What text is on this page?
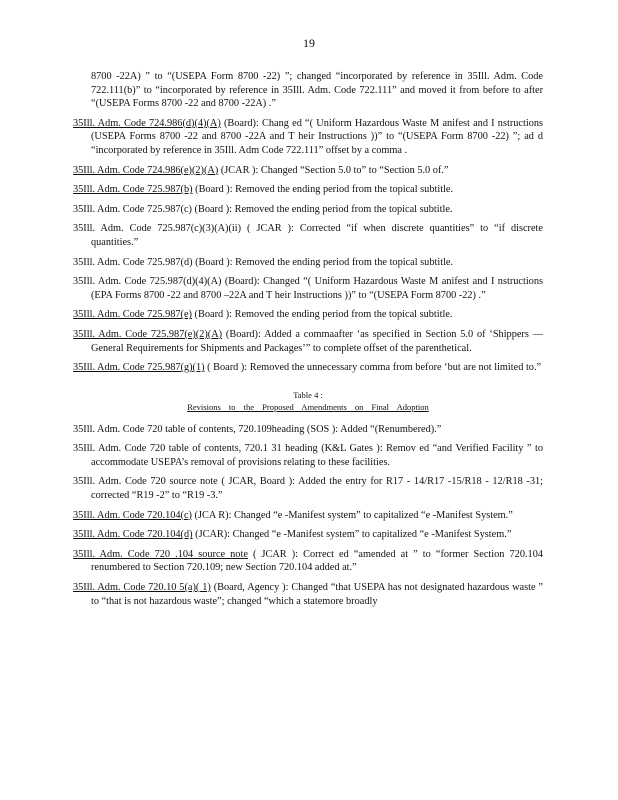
19

8700 -22A) ” to “(USEPA Form 8700 -22) ”; changed “incorporated by reference in 35Ill. Adm. Code 722.111(b)” to “incorporated by reference in 35Ill. Adm. Code 722.111” and moved it from before to after “(USEPA Forms 8700 -22 and 8700 -22A) .”

35Ill. Adm. Code 724.986(d)(4)(A) (Board): Chang ed “( Uniform Hazardous Waste M anifest and I nstructions (USEPA Forms 8700 -22 and 8700 -22A and T heir Instructions ))” to “(USEPA Form 8700 -22) ”; ad d “incorporated by reference in 35Ill. Adm Code 722.111” offset by a comma .

35Ill. Adm. Code 724.986(e)(2)(A) (JCAR ): Changed “Section 5.0 to” to “Section 5.0 of.”

35Ill. Adm. Code 725.987(b) (Board ): Removed the ending period from the topical subtitle.

35Ill. Adm. Code 725.987(c) (Board ): Removed the ending period from the topical subtitle.

35Ill. Adm. Code 725.987(c)(3)(A)(ii) ( JCAR ): Corrected “if when discrete quantities” to “if discrete quantities.”

35Ill. Adm. Code 725.987(d) (Board ): Removed the ending period from the topical subtitle.

35Ill. Adm. Code 725.987(d)(4)(A) (Board): Changed “( Uniform Hazardous Waste M anifest and I nstructions (EPA Forms 8700 -22 and 8700 –22A and T heir Instructions ))” to “(USEPA Form 8700 -22) .”

35Ill. Adm. Code 725.987(e) (Board ): Removed the ending period from the topical subtitle.

35Ill. Adm. Code 725.987(e)(2)(A) (Board): Added a commaafter ‘as specified in Section 5.0 of ‘Shippers — General Requirements for Shipments and Packages’” to complete offset of the parenthetical.

35Ill. Adm. Code 725.987(g)(1) ( Board ): Removed the unnecessary comma from before ‘but are not limited to.”

Table 4 :
Revisions to the Proposed Amendments on Final Adoption

35Ill. Adm. Code 720 table of contents, 720.109heading (SOS ): Added “(Renumbered).”

35Ill. Adm. Code 720 table of contents, 720.1 31 heading (K&L Gates ): Remov ed “and Verified Facility ” to accommodate USEPA’s removal of provisions relating to these facilities.

35Ill. Adm. Code 720 source note ( JCAR, Board ): Added the entry for R17 - 14/R17 -15/R18 - 12/R18 -31; corrected “R19 -2” to “R19 -3.”

35Ill. Adm. Code 720.104(c) (JCA R): Changed “e -Manifest system” to capitalized “e -Manifest System.”

35Ill. Adm. Code 720.104(d) (JCAR): Changed “e -Manifest system” to capitalized “e -Manifest System.”

35Ill. Adm. Code 720 .104 source note ( JCAR ): Correct ed “amended at ” to “former Section 720.104 renumbered to Section 720.109; new Section 720.104 added at.”

35Ill. Adm. Code 720.10 5(a)( 1) (Board, Agency ): Changed “that USEPA has not designated hazardous waste ” to “that is not hazardous waste”; changed “which a statemore broadly
